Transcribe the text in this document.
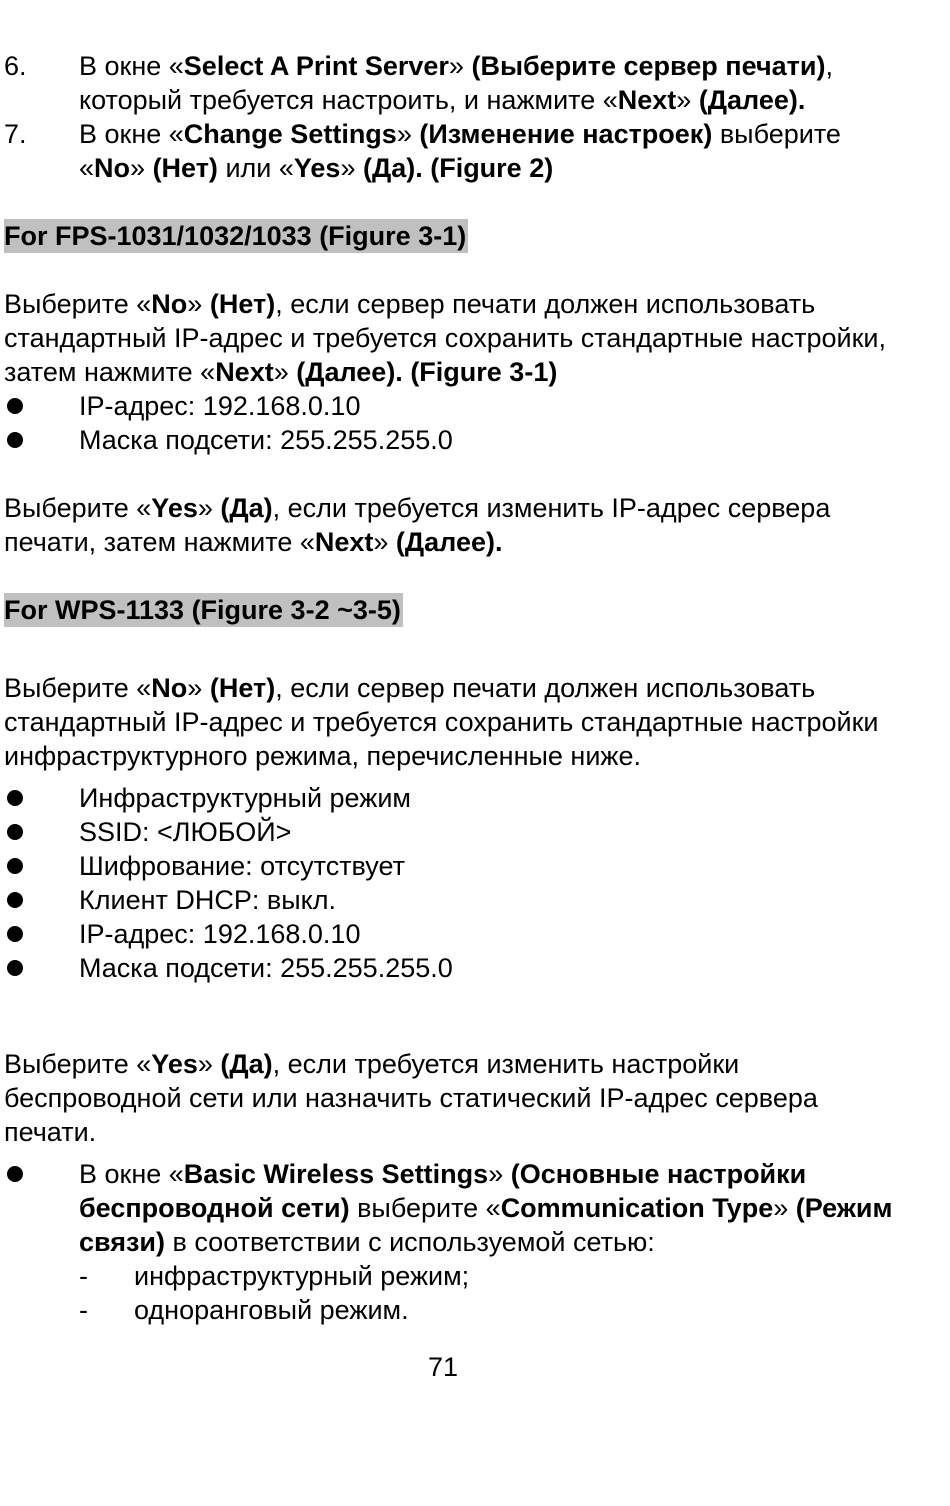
6. В окне «Select A Print Server» (Выберите сервер печати), который требуется настроить, и нажмите «Next» (Далее).
7. В окне «Change Settings» (Изменение настроек) выберите «No» (Нет) или «Yes» (Да). (Figure 2)
For FPS-1031/1032/1033 (Figure 3-1)

Выберите «No» (Нет), если сервер печати должен использовать стандартный IP-адрес и требуется сохранить стандартные настройки, затем нажмите «Next» (Далее). (Figure 3-1)

IP-адрес: 192.168.0.10
Маска подсети: 255.255.255.0

Выберите «Yes» (Да), если требуется изменить IP-адрес сервера печати, затем нажмите «Next» (Далее).

For WPS-1133 (Figure 3-2 ~3-5)

Выберите «No» (Нет), если сервер печати должен использовать стандартный IP-адрес и требуется сохранить стандартные настройки инфраструктурного режима, перечисленные ниже.

Инфраструктурный режим
SSID: <ЛЮБОЙ>
Шифрование: отсутствует
Клиент DHCP: выкл.
IP-адрес: 192.168.0.10
Маска подсети: 255.255.255.0

Выберите «Yes» (Да), если требуется изменить настройки беспроводной сети или назначить статический IP-адрес сервера печати.

В окне «Basic Wireless Settings» (Основные настройки беспроводной сети) выберите «Communication Type» (Режим связи) в соответствии с используемой сетью:
- инфраструктурный режим;
- одноранговый режим.
71
